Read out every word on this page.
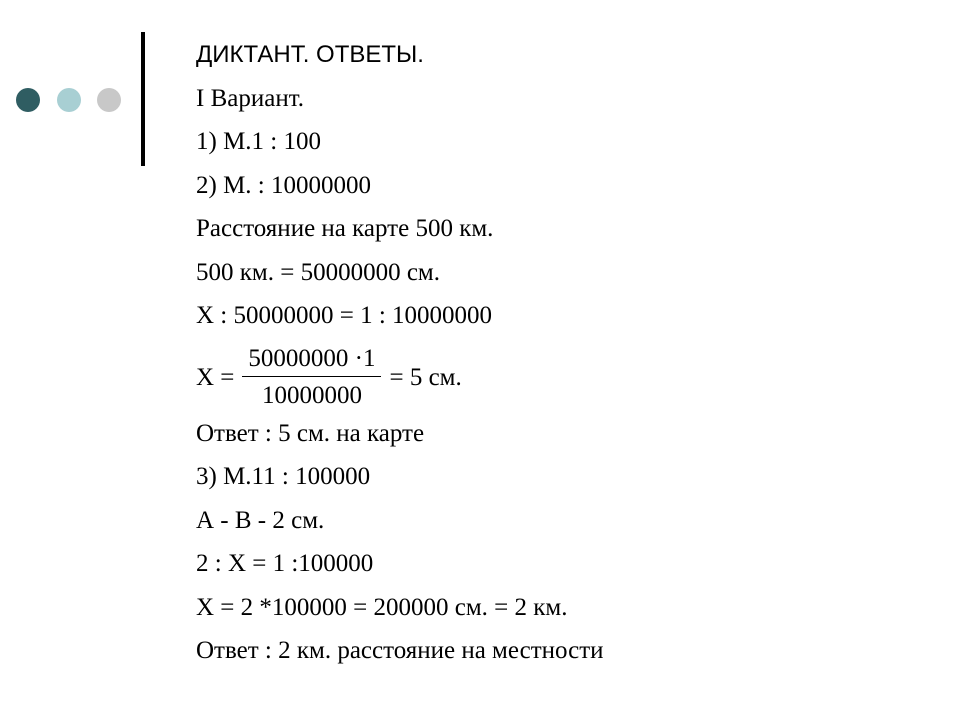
ДИКТАНТ. ОТВЕТЫ.
I Вариант.
1) М.1 : 100
2) М. : 10000000
Расстояние на карте 500 км.
500 км. = 50000000 см.
Х : 50000000 = 1 : 10000000
$Х = \frac{50000000 \cdot 1}{10000000} = 5$ см.
Ответ : 5 см. на карте
3) М.11 : 100000
А - В - 2 см.
2 : Х = 1 :100000
Х = 2 *100000 = 200000 см. = 2 км.
Ответ : 2 км. расстояние на местности
